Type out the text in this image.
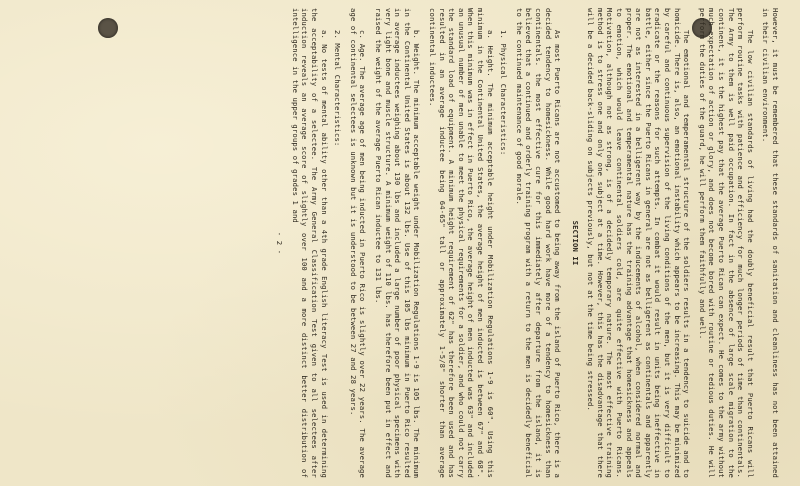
However, it must be remembered that these standards of sanitation and cleanliness has not been attained in their civilian environment.

The low civilian standards of living had the doubly beneficial result that Puerto Ricans will perform routine tasks with patience and efficiency for much longer periods of time than continentals. The Army to them is well paid occupation. In fact in the absence of large scale migration to the continent, it is the highest pay that the average Puerto Rican can expect. He comes to the army without much expectation of action or glory, and does not become bored with routine or tedious duties. He will perform the duties of the guard, he will perform them faithfully and well.

The emotional and temperamental structure of the soldiers results in a tendency to suicide and to homicide. There is, also, an emotional instability which appears to be increasing. This may be minimized by careful and continuous supervision of the living conditions of the men, but it is very difficult to eradicate or the reasons for such attempts. In combat it would result in units being ineffective in battle, either since the Puerto Ricans in general are not as belligerent as continentals and apparently are not as interested in a belligerent way by the inducements of alcohol, when considered normal and proper. The emotional and temperamental nature has the training advantage that homesickness and appeals to emotion, which would leave continental soldiers cold, are quite effective with Puerto Ricans. Motivation, although not as strong, is of a decidedly temporary nature. The most effective training method is to stress one and only one subject at a time. However, this has the disadvantage that there will be a decided back-sliding on subjects previously, but not at the time being stressed.

SECTION II

As most Puerto Ricans are not accustomed to being away from the island of Puerto Rico, there is a decided tendency to homesickness. While good hard work have more of a tendency to homesickness than continentals. the most effective cure for this immediately after departure from the island, it is believed that a continued and orderly training program with a return to the men is decidedly beneficial to the continued maintenance of good morale.

1. Physical Characteristics:

a. Height. The minimum acceptable height under Mobilization Regulations 1-9 is 60". Using this minimum in the Continental United States, the average height of men inducted is between 67" and 68". When this minimum was in effect in Puerto Rico, the average height of men inducted was 63" and included an unusual number of men unable to meet the physical requirements for a soldier, and who could not carry the standard load of equipment. A minimum height requirement of 62" has therefore been used and has resulted in an average inductee being 64-65" tall or approximately 1-5/8" shorter than average continental inductees.

b. Weight. The minimum acceptable weight under Mobilization Regulations 1-9 is 105 lbs. The minimum in the Continental United States is about 132 lbs. Use of this 105 lbs minimum in Puerto Rico resulted in average inductees weighing about 130 lbs and included a large number of poor physical specimens with very light bone and muscle structure. A minimum weight of 110 lbs. has therefore been put in effect and raised the weight of the average Puerto Rican inductee to 131 lbs.

c. Age. The average age of men being inducted in Puerto Rico is slightly over 22 years. The average age of continental selectees is unknown but it is understood to be between 27 and 28 years.

2. Mental Characteristics:

a. No tests of mental ability other than a 4th grade English literacy Test is used in determining the acceptability of a selectee. The Army General Classification Test given to all selectees after induction reveals an average score of slightly over 100 and a more distinct better distribution of intelligence in the upper groups of grades 1 and

- 2 -
